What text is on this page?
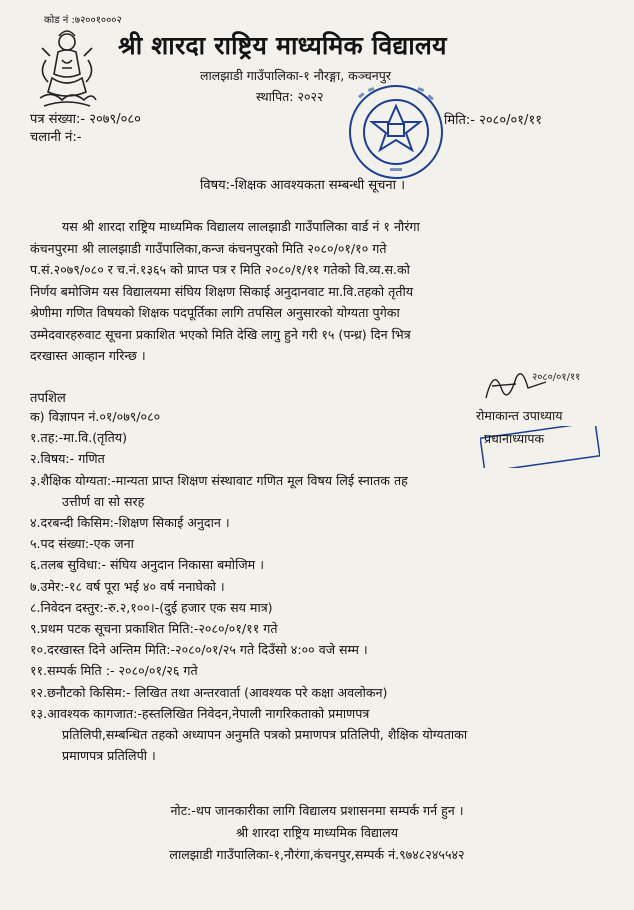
कोड नं :७२००१०००२
श्री शारदा राष्ट्रिय माध्यमिक विद्यालय
लालझाडी गाउँपालिका-१ नौरङ्गा, कञ्चनपुर
स्थापित: २०२२
पत्र संख्या:- २०७९/०८०
चलानी नं:-
मिति:- २०८०/०१/११
विषय:-शिक्षक आवश्यकता सम्बन्धी सूचना ।
यस श्री शारदा राष्ट्रिय माध्यमिक विद्यालय लालझाडी गाउँपालिका वार्ड नं १ नौरंगा
कंचनपुरमा श्री लालझाडी गाउँपालिका,कन्ज कंचनपुरको मिति २०८०/०१/१० गते
प.सं.२०७९/०८० र च.नं.१३६५ को प्राप्त पत्र र मिति २०८०/१/११ गतेको वि.व्य.स.को
निर्णय बमोजिम यस विद्यालयमा संघिय शिक्षण सिकाई अनुदानवाट मा.वि.तहको तृतीय
श्रेणीमा गणित विषयको शिक्षक पदपूर्तिका लागि तपसिल अनुसारको योग्यता पुगेका
उम्मेदवारहरुवाट सूचना प्रकाशित भएको मिति देखि लागु हुने गरी १५ (पन्ध्र) दिन भित्र
दरखास्त आव्हान गरिन्छ ।
तपशिल
२०८०/०१/११
रोमाकान्त उपाध्याय
प्रधानाध्यापक
क) विज्ञापन नं.०१/०७९/०८०
१.तह:-मा.वि.(तृतिय)
२.विषय:- गणित
३.शैक्षिक योग्यता:-मान्यता प्राप्त शिक्षण संस्थावाट गणित मूल विषय लिई स्नातक तह
उत्तीर्ण वा सो सरह
४.दरबन्दी किसिम:-शिक्षण सिकाई अनुदान ।
५.पद संख्या:-एक जना
६.तलब सुविधा:- संघिय अनुदान निकासा बमोजिम ।
७.उमेर:-१८ वर्ष पूरा भई ४० वर्ष ननाघेको ।
८.निवेदन दस्तुर:-रु.२,१००।-(दुई हजार एक सय मात्र)
९.प्रथम पटक सूचना प्रकाशित मिति:-२०८०/०१/११ गते
१०.दरखास्त दिने अन्तिम मिति:-२०८०/०१/२५ गते दिउँसो ४:०० वजे सम्म ।
११.सम्पर्क मिति :- २०८०/०१/२६ गते
१२.छनौटको किसिम:- लिखित तथा अन्तरवार्ता (आवश्यक परे कक्षा अवलोकन)
१३.आवश्यक कागजात:-हस्तलिखित निवेदन,नेपाली नागरिकताको प्रमाणपत्र
प्रतिलिपी,सम्बन्धित तहको अध्यापन अनुमति पत्रको प्रमाणपत्र प्रतिलिपी, शैक्षिक योग्यताका
प्रमाणपत्र प्रतिलिपी ।
नोट:-थप जानकारीका लागि विद्यालय प्रशासनमा सम्पर्क गर्न हुन ।
श्री शारदा राष्ट्रिय माध्यमिक विद्यालय
लालझाडी गाउँपालिका-१,नौरंगा,कंचनपुर,सम्पर्क नं.९७४८२४५५४२
